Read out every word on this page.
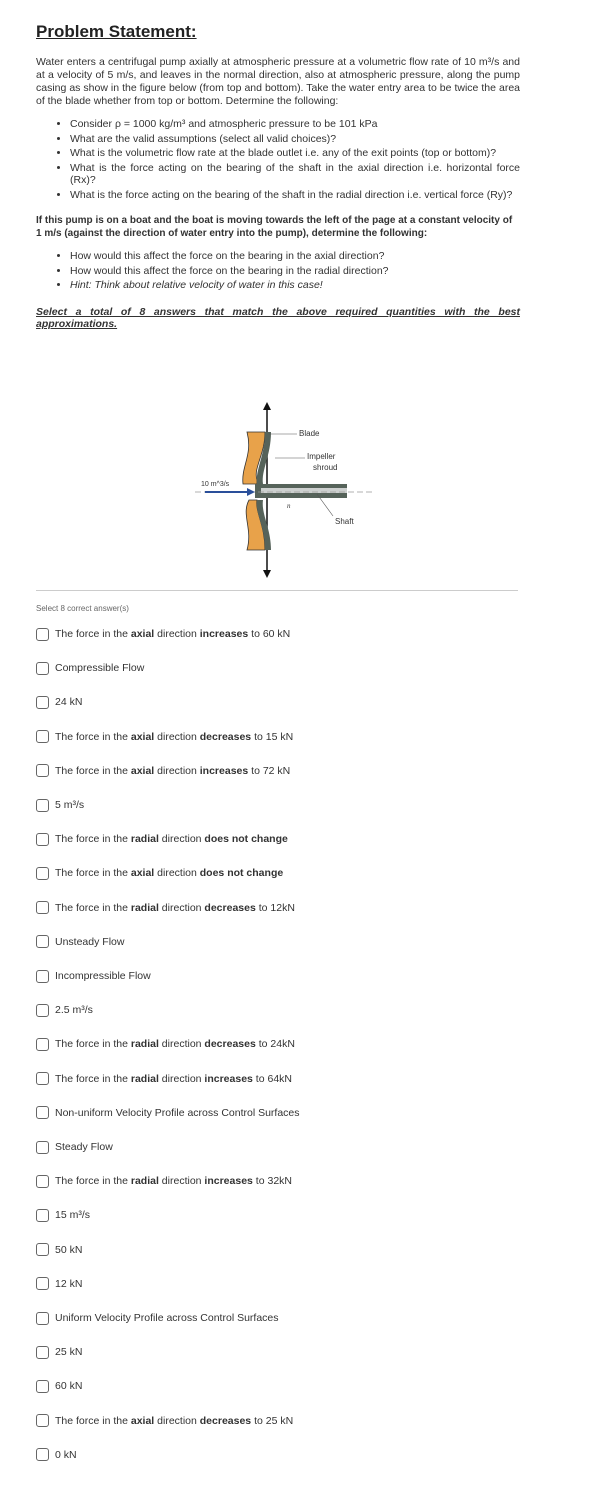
Problem Statement:

Water enters a centrifugal pump axially at atmospheric pressure at a volumetric flow rate of 10 m³/s and at a velocity of 5 m/s, and leaves in the normal direction, also at atmospheric pressure, along the pump casing as show in the figure below (from top and bottom). Take the water entry area to be twice the area of the blade whether from top or bottom. Determine the following:

• Consider ρ = 1000 kg/m³ and atmospheric pressure to be 101 kPa
• What are the valid assumptions (select all valid choices)?
• What is the volumetric flow rate at the blade outlet i.e. any of the exit points (top or bottom)?
• What is the force acting on the bearing of the shaft in the axial direction i.e. horizontal force (Rx)?
• What is the force acting on the bearing of the shaft in the radial direction i.e. vertical force (Ry)?

If this pump is on a boat and the boat is moving towards the left of the page at a constant velocity of 1 m/s (against the direction of water entry into the pump), determine the following:

• How would this affect the force on the bearing in the axial direction?
• How would this affect the force on the bearing in the radial direction?
• Hint: Think about relative velocity of water in this case!

Select a total of 8 answers that match the above required quantities with the best approximations.

Blade
Impeller
shroud
10 m^3/s
Shaft
n
Select 8 correct answer(s)
The force in the axial direction increases to 60 kN
Compressible Flow
24 kN
The force in the axial direction decreases to 15 kN
The force in the axial direction increases to 72 kN
5 m³/s
The force in the radial direction does not change
The force in the axial direction does not change
The force in the radial direction decreases to 12kN
Unsteady Flow
Incompressible Flow
2.5 m³/s
The force in the radial direction decreases to 24kN
The force in the radial direction increases to 64kN
Non-uniform Velocity Profile across Control Surfaces
Steady Flow
The force in the radial direction increases to 32kN
15 m³/s
50 kN
12 kN
Uniform Velocity Profile across Control Surfaces
25 kN
60 kN
The force in the axial direction decreases to 25 kN
0 kN
